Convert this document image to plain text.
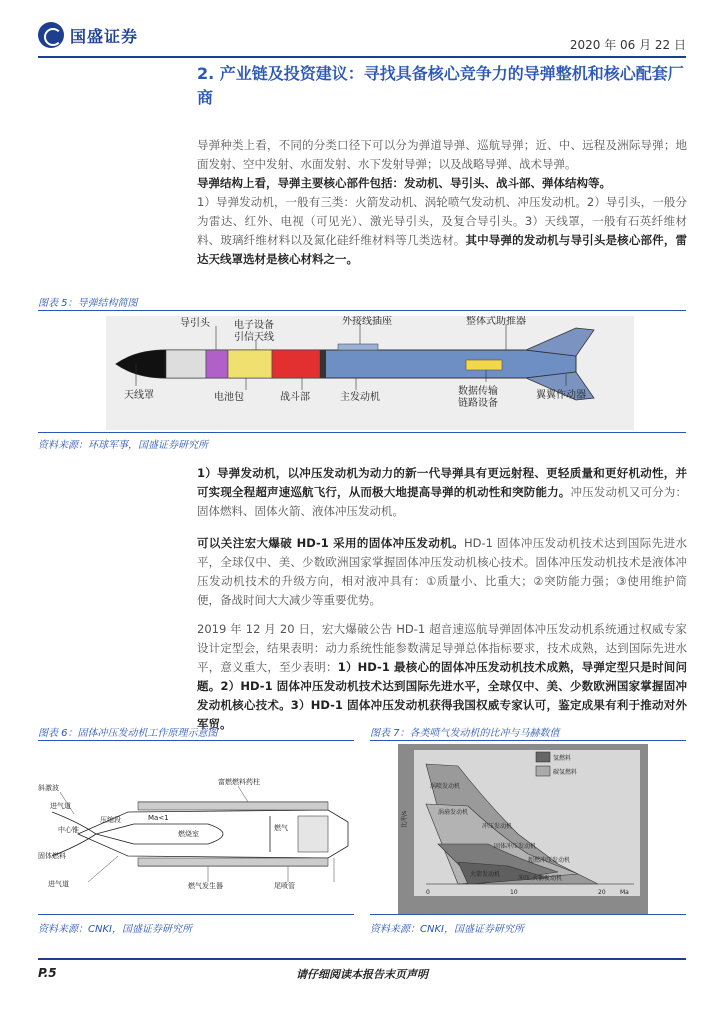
国盛证券	2020 年 06 月 22 日
2. 产业链及投资建议：寻找具备核心竞争力的导弹整机和核心配套厂商
导弹种类上看，不同的分类口径下可以分为弹道导弹、巡航导弹；近、中、远程及洲际导弹；地面发射、空中发射、水面发射、水下发射导弹；以及战略导弹、战术导弹。
导弹结构上看，导弹主要核心部件包括：发动机、导引头、战斗部、弹体结构等。
1）导弹发动机，一般有三类：火箭发动机、涡轮喷气发动机、冲压发动机。2）导引头，一般分为雷达、红外、电视（可见光）、激光导引头，及复合导引头。3）天线罩，一般有石英纤维材料、玻璃纤维材料以及氮化硅纤维材料等几类选材。其中导弹的发动机与导引头是核心部件，雷达天线罩选材是核心材料之一。
图表 5：导弹结构简图
导引头 电子设备
引信天线
外接线插座	整体式助推器
天线罩	电池包	战斗部	主发动机
数据传输
链路设备
翼翼作动器
资料来源：环球军事，国盛证券研究所
1）导弹发动机，以冲压发动机为动力的新一代导弹具有更远射程、更轻质量和更好机动性，并可实现全程超声速巡航飞行，从而极大地提高导弹的机动性和突防能力。冲压发动机又可分为：固体燃料、固体火箭、液体冲压发动机。
可以关注宏大爆破 HD-1 采用的固体冲压发动机。HD-1 固体冲压发动机技术达到国际先进水平，全球仅中、美、少数欧洲国家掌握固体冲压发动机核心技术。固体冲压发动机技术是液体冲压发动机技术的升级方向，相对液冲具有：①质量小、比重大；②突防能力强；③使用维护简便，备战时间大大减少等重要优势。
2019 年 12 月 20 日，宏大爆破公告 HD-1 超音速巡航导弹固体冲压发动机系统通过权威专家设计定型会，结果表明：动力系统性能参数满足导弹总体指标要求，技术成熟，达到国际先进水平，意义重大，至少表明：1）HD-1 最核心的固体冲压发动机技术成熟，导弹定型只是时间问题。2）HD-1 固体冲压发动机技术达到国际先进水平，全球仅中、美、少数欧洲国家掌握固冲发动机核心技术。3）HD-1 固体冲压发动机获得我国权威专家认可，鉴定成果有利于推动对外军贸。
图表 6：固体冲压发动机工作原理示意图
富燃燃料药柱
斜激波
进气道
中心锥
压缩段	Ma<1
燃烧室
燃气
固体燃料
进气道	燃气发生器	尾喷管
资料来源：CNKI，国盛证券研究所
图表 7：各类喷气发动机的比冲与马赫数值
氢燃料
碳氢燃料
涡喷发动机
涡扇发动机
冲压发动机
固体冲压发动机
超燃冲压发动机
火箭发动机
冲压-火箭发动机
10
0	20 Ma
比冲/s
资料来源：CNKI，国盛证券研究所
请仔细阅读本报告末页声明
P.5
